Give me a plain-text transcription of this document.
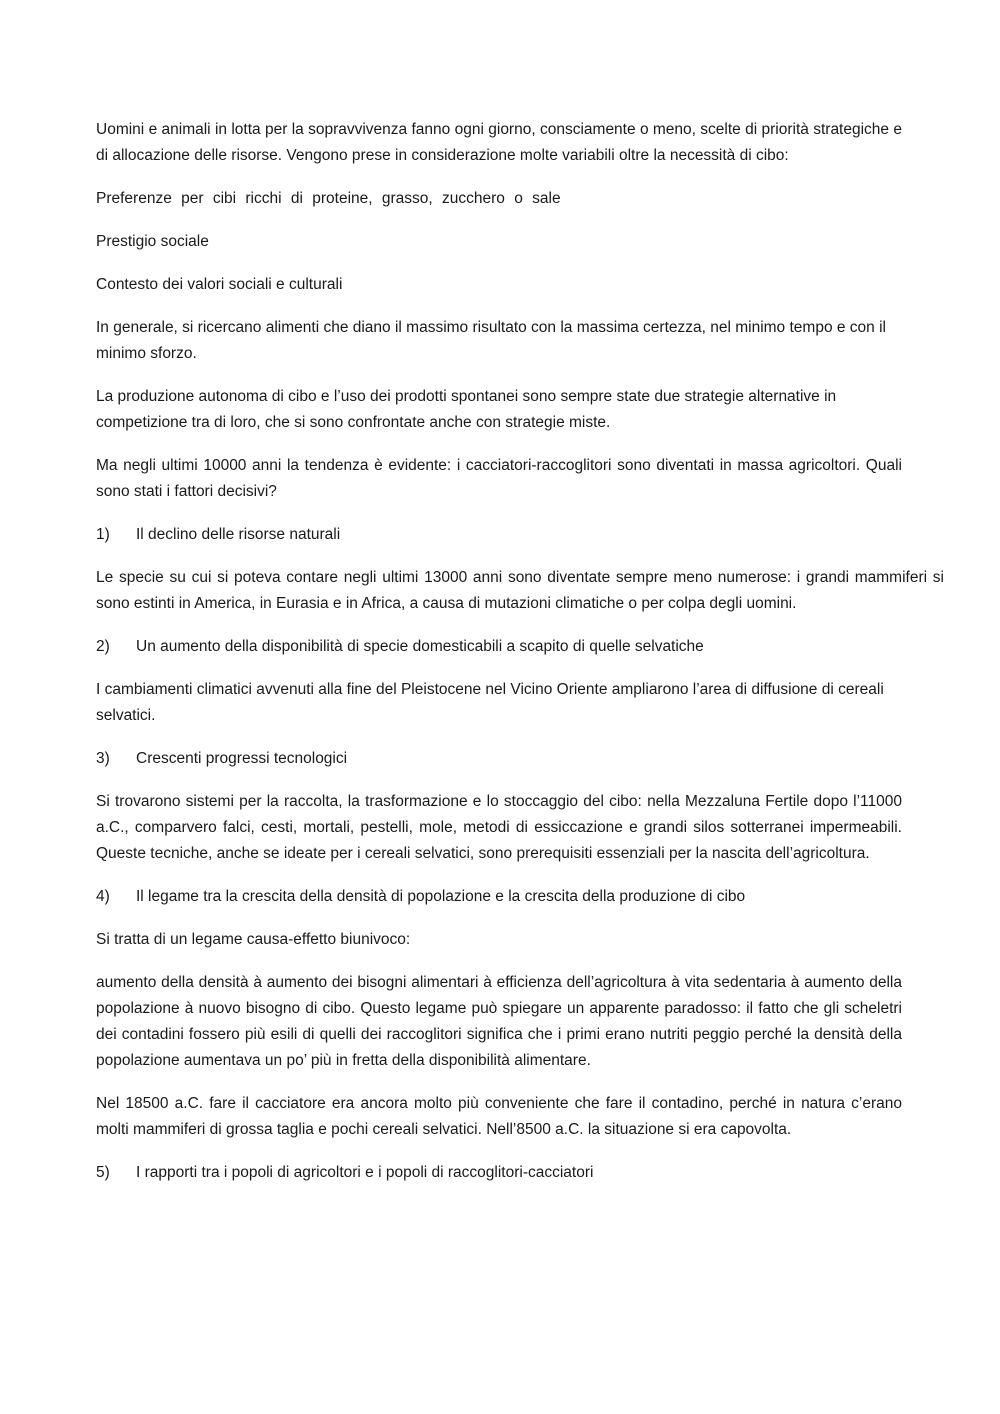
Uomini e animali in lotta per la sopravvivenza fanno ogni giorno, consciamente o meno, scelte di priorità strategiche e di allocazione delle risorse. Vengono prese in considerazione molte variabili oltre la necessità di cibo:

Preferenze per cibi ricchi di proteine, grasso, zucchero o sale

Prestigio sociale

Contesto dei valori sociali e culturali

In generale, si ricercano alimenti che diano il massimo risultato con la massima certezza, nel minimo tempo e con il minimo sforzo.

La produzione autonoma di cibo e l’uso dei prodotti spontanei sono sempre state due strategie alternative in competizione tra di loro, che si sono confrontate anche con strategie miste.

Ma negli ultimi 10000 anni la tendenza è evidente: i cacciatori-raccoglitori sono diventati in massa agricoltori. Quali sono stati i fattori decisivi?

1)	Il declino delle risorse naturali

Le specie su cui si poteva contare negli ultimi 13000 anni sono diventate sempre meno numerose: i grandi mammiferi si sono estinti in America, in Eurasia e in Africa, a causa di mutazioni climatiche o per colpa degli uomini.

2)	Un aumento della disponibilità di specie domesticabili a scapito di quelle selvatiche

I cambiamenti climatici avvenuti alla fine del Pleistocene nel Vicino Oriente ampliarono l’area di diffusione di cereali selvatici.

3)	Crescenti progressi tecnologici

Si trovarono sistemi per la raccolta, la trasformazione e lo stoccaggio del cibo: nella Mezzaluna Fertile dopo l’11000 a.C., comparvero falci, cesti, mortali, pestelli, mole, metodi di essiccazione e grandi silos sotterranei impermeabili. Queste tecniche, anche se ideate per i cereali selvatici, sono prerequisiti essenziali per la nascita dell’agricoltura.

4)	Il legame tra la crescita della densità di popolazione e la crescita della produzione di cibo

Si tratta di un legame causa-effetto biunivoco:

aumento della densità à aumento dei bisogni alimentari à efficienza dell’agricoltura à vita sedentaria à aumento della popolazione à nuovo bisogno di cibo. Questo legame può spiegare un apparente paradosso: il fatto che gli scheletri dei contadini fossero più esili di quelli dei raccoglitori significa che i primi erano nutriti peggio perché la densità della popolazione aumentava un po’ più in fretta della disponibilità alimentare.

Nel 18500 a.C. fare il cacciatore era ancora molto più conveniente che fare il contadino, perché in natura c’erano molti mammiferi di grossa taglia e pochi cereali selvatici. Nell’8500 a.C. la situazione si era capovolta.

5)	I rapporti tra i popoli di agricoltori e i popoli di raccoglitori-cacciatori
